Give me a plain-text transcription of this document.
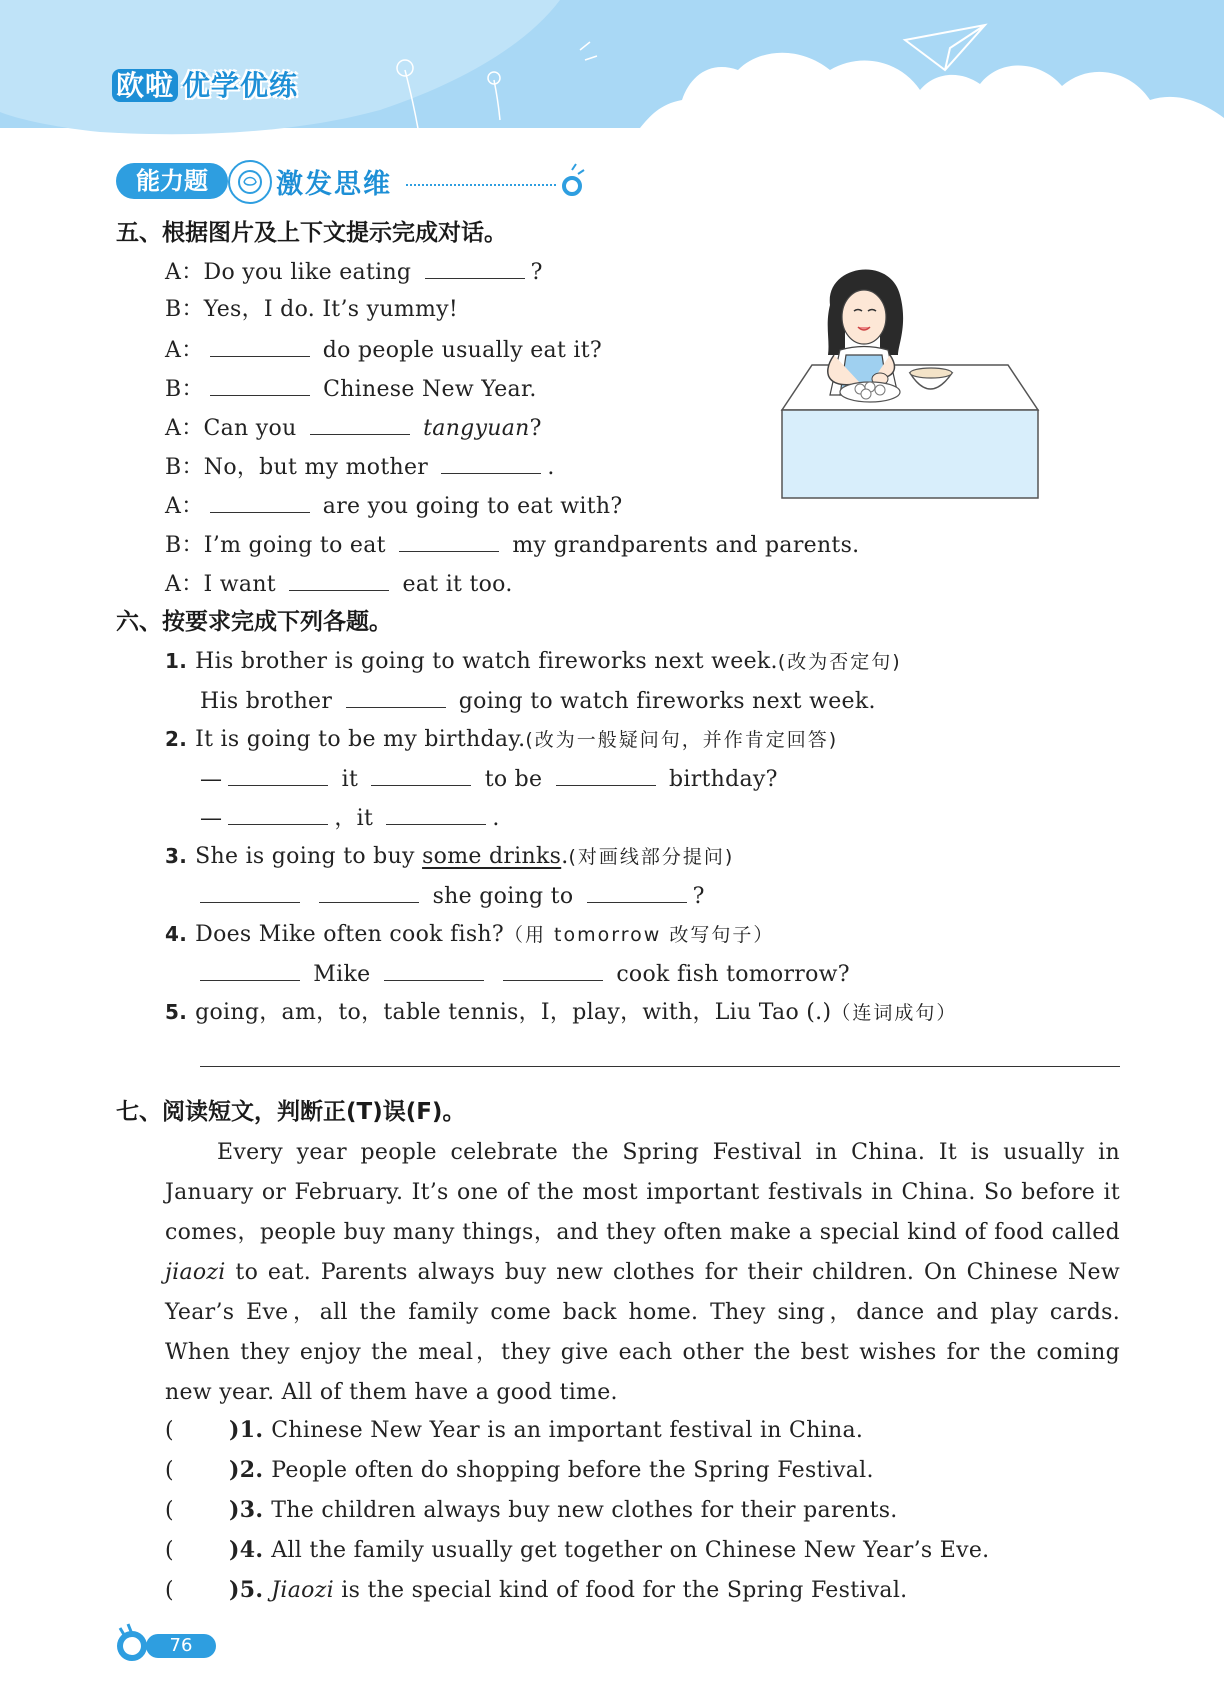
欧啦 优学优练
能力题	激发思维
五、根据图片及上下文提示完成对话。
A：Do you like eating	?
B：Yes，I do. It’s yummy!
A：	do people usually eat it?
B：	Chinese New Year.
A：Can you	tangyuan?
B：No，but my mother	.
A：	are you going to eat with?
B：I’m going to eat	my grandparents and parents.
A：I want	eat it too.
六、按要求完成下列各题。
1. His brother is going to watch fireworks next week.(改为否定句)
His brother	going to watch fireworks next week.
2. It is going to be my birthday.(改为一般疑问句，并作肯定回答)
—	it	to be	birthday?
—	，it	.
3. She is going to buy some drinks.(对画线部分提问)
she going to	?
4. Does Mike often cook fish?（用 tomorrow 改写句子）
Mike	cook fish tomorrow?
5. going，am，to，table tennis，I，play，with，Liu Tao (.)（连词成句）
七、阅读短文，判断正(T)误(F)。
Every year people celebrate the Spring Festival in China. It is usually in January or February. It’s one of the most important festivals in China. So before it comes，people buy many things，and they often make a special kind of food called jiaozi to eat. Parents always buy new clothes for their children. On Chinese New Year’s Eve，all the family come back home. They sing，dance and play cards. When they enjoy the meal，they give each other the best wishes for the coming new year. All of them have a good time.
(	)1. Chinese New Year is an important festival in China.
(	)2. People often do shopping before the Spring Festival.
(	)3. The children always buy new clothes for their parents.
(	)4. All the family usually get together on Chinese New Year’s Eve.
(	)5. Jiaozi is the special kind of food for the Spring Festival.
76
